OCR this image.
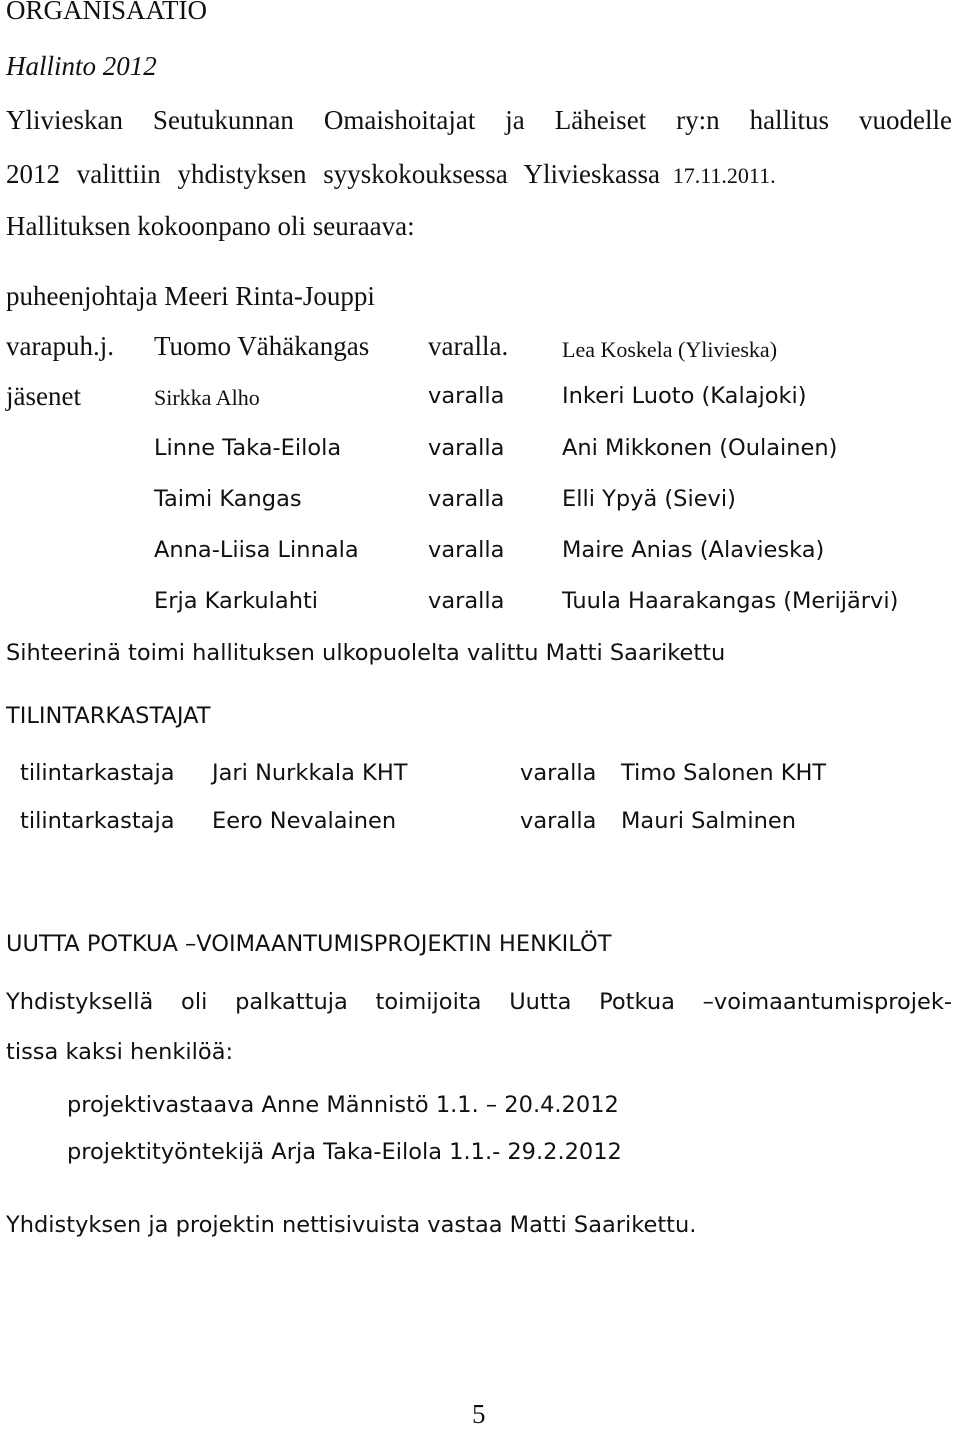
ORGANISAATIO
Hallinto 2012
Ylivieskan Seutukunnan Omaishoitajat ja Läheiset ry:n hallitus vuodelle
2012 valittiin yhdistyksen syyskokouksessa Ylivieskassa 17.11.2011.
Hallituksen kokoonpano oli seuraava:
puheenjohtaja Meeri Rinta-Jouppi
varapuh.j. Tuomo Vähäkangas varalla. Lea Koskela (Ylivieska)
jäsenet	Sirkka Alho	varalla	Inkeri Luoto (Kalajoki)
Linne Taka-Eilola	varalla	Ani Mikkonen (Oulainen)
Taimi Kangas	varalla	Elli Ypyä (Sievi)
Anna-Liisa Linnala	varalla	Maire Anias (Alavieska)
Erja Karkulahti	varalla	Tuula Haarakangas (Merijärvi)
Sihteerinä toimi hallituksen ulkopuolelta valittu Matti Saarikettu
TILINTARKASTAJAT
tilintarkastaja Jari Nurkkala KHT	varalla Timo Salonen KHT
tilintarkastaja Eero Nevalainen	varalla Mauri Salminen
UUTTA POTKUA –VOIMAANTUMISPROJEKTIN HENKILÖT
Yhdistyksellä oli palkattuja toimijoita Uutta Potkua –voimaantumisprojek-
tissa kaksi henkilöä:
projektivastaava Anne Männistö 1.1. – 20.4.2012
projektityöntekijä Arja Taka-Eilola 1.1.- 29.2.2012
Yhdistyksen ja projektin nettisivuista vastaa Matti Saarikettu.
5
